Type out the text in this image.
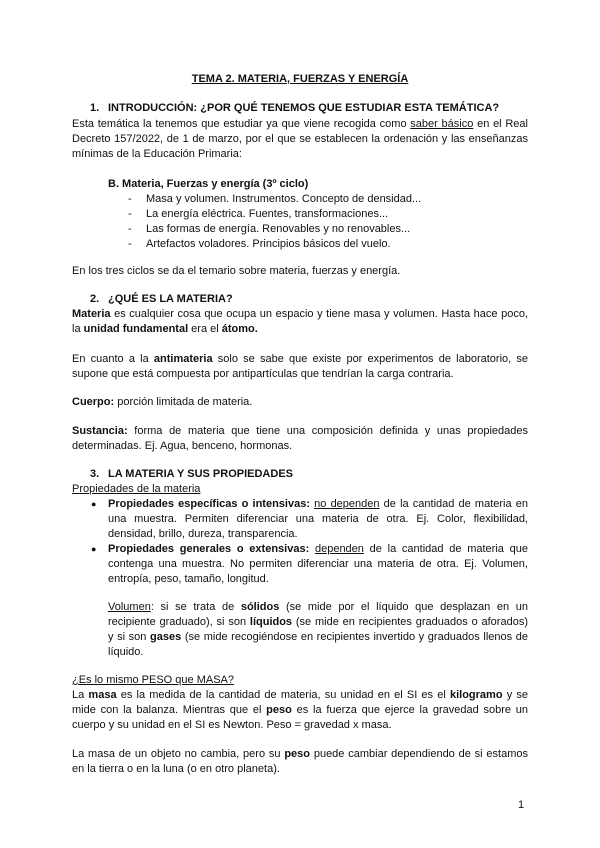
TEMA 2. MATERIA, FUERZAS Y ENERGÍA
1. INTRODUCCIÓN: ¿POR QUÉ TENEMOS QUE ESTUDIAR ESTA TEMÁTICA?
Esta temática la tenemos que estudiar ya que viene recogida como saber básico en el Real
Decreto 157/2022, de 1 de marzo, por el que se establecen la ordenación y las enseñanzas
mínimas de la Educación Primaria:
B. Materia, Fuerzas y energía (3º ciclo)
- Masa y volumen. Instrumentos. Concepto de densidad...
- La energía eléctrica. Fuentes, transformaciones...
- Las formas de energía. Renovables y no renovables...
- Artefactos voladores. Principios básicos del vuelo.
En los tres ciclos se da el temario sobre materia, fuerzas y energía.
2. ¿QUÉ ES LA MATERIA?
Materia es cualquier cosa que ocupa un espacio y tiene masa y volumen. Hasta hace poco,
la unidad fundamental era el átomo.
En cuanto a la antimateria solo se sabe que existe por experimentos de laboratorio, se
supone que está compuesta por antipartículas que tendrían la carga contraria.
Cuerpo: porción limitada de materia.
Sustancia: forma de materia que tiene una composición definida y unas propiedades
determinadas. Ej. Agua, benceno, hormonas.
3. LA MATERIA Y SUS PROPIEDADES
Propiedades de la materia
● Propiedades específicas o intensivas: no dependen de la cantidad de materia en
una muestra. Permiten diferenciar una materia de otra. Ej. Color, flexibilidad,
densidad, brillo, dureza, transparencia.
● Propiedades generales o extensivas: dependen de la cantidad de materia que
contenga una muestra. No permiten diferenciar una materia de otra. Ej. Volumen,
entropía, peso, tamaño, longitud.
Volumen: si se trata de sólidos (se mide por el líquido que desplazan en un
recipiente graduado), si son líquidos (se mide en recipientes graduados o aforados)
y si son gases (se mide recogiéndose en recipientes invertido y graduados llenos de
líquido.
¿Es lo mismo PESO que MASA?
La masa es la medida de la cantidad de materia, su unidad en el SI es el kilogramo y se
mide con la balanza. Mientras que el peso es la fuerza que ejerce la gravedad sobre un
cuerpo y su unidad en el SI es Newton. Peso = gravedad x masa.
La masa de un objeto no cambia, pero su peso puede cambiar dependiendo de si estamos
en la tierra o en la luna (o en otro planeta).
1
